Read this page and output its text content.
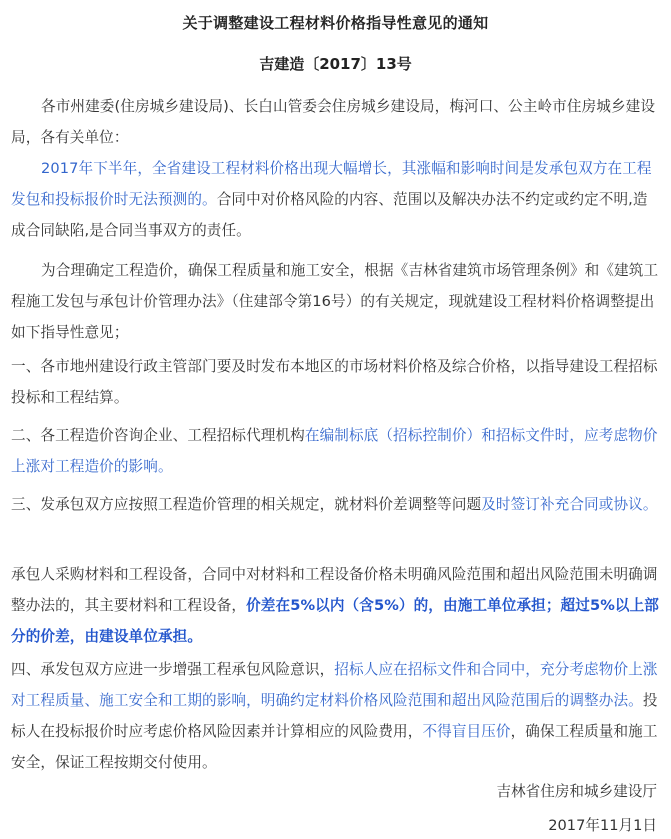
关于调整建设工程材料价格指导性意见的通知
吉建造〔2017〕13号

各市州建委(住房城乡建设局)、长白山管委会住房城乡建设局，梅河口、公主岭市住房城乡建设局，各有关单位：

2017年下半年，全省建设工程材料价格出现大幅增长，其涨幅和影响时间是发承包双方在工程发包和投标报价时无法预测的。合同中对价格风险的内容、范围以及解决办法不约定或约定不明,造成合同缺陷,是合同当事双方的责任。

为合理确定工程造价，确保工程质量和施工安全，根据《吉林省建筑市场管理条例》和《建筑工程施工发包与承包计价管理办法》（住建部令第16号）的有关规定，现就建设工程材料价格调整提出如下指导性意见；

一、各市地州建设行政主管部门要及时发布本地区的市场材料价格及综合价格，以指导建设工程招标投标和工程结算。

二、各工程造价咨询企业、工程招标代理机构在编制标底（招标控制价）和招标文件时，应考虑物价上涨对工程造价的影响。

三、发承包双方应按照工程造价管理的相关规定，就材料价差调整等问题及时签订补充合同或协议。

承包人采购材料和工程设备，合同中对材料和工程设备价格未明确风险范围和超出风险范围未明确调整办法的，其主要材料和工程设备，价差在5%以内（含5%）的，由施工单位承担；超过5%以上部分的价差，由建设单位承担。

四、承发包双方应进一步增强工程承包风险意识，招标人应在招标文件和合同中，充分考虑物价上涨对工程质量、施工安全和工期的影响，明确约定材料价格风险范围和超出风险范围后的调整办法。投标人在投标报价时应考虑价格风险因素并计算相应的风险费用，不得盲目压价，确保工程质量和施工安全，保证工程按期交付使用。

吉林省住房和城乡建设厅
2017年11月1日
